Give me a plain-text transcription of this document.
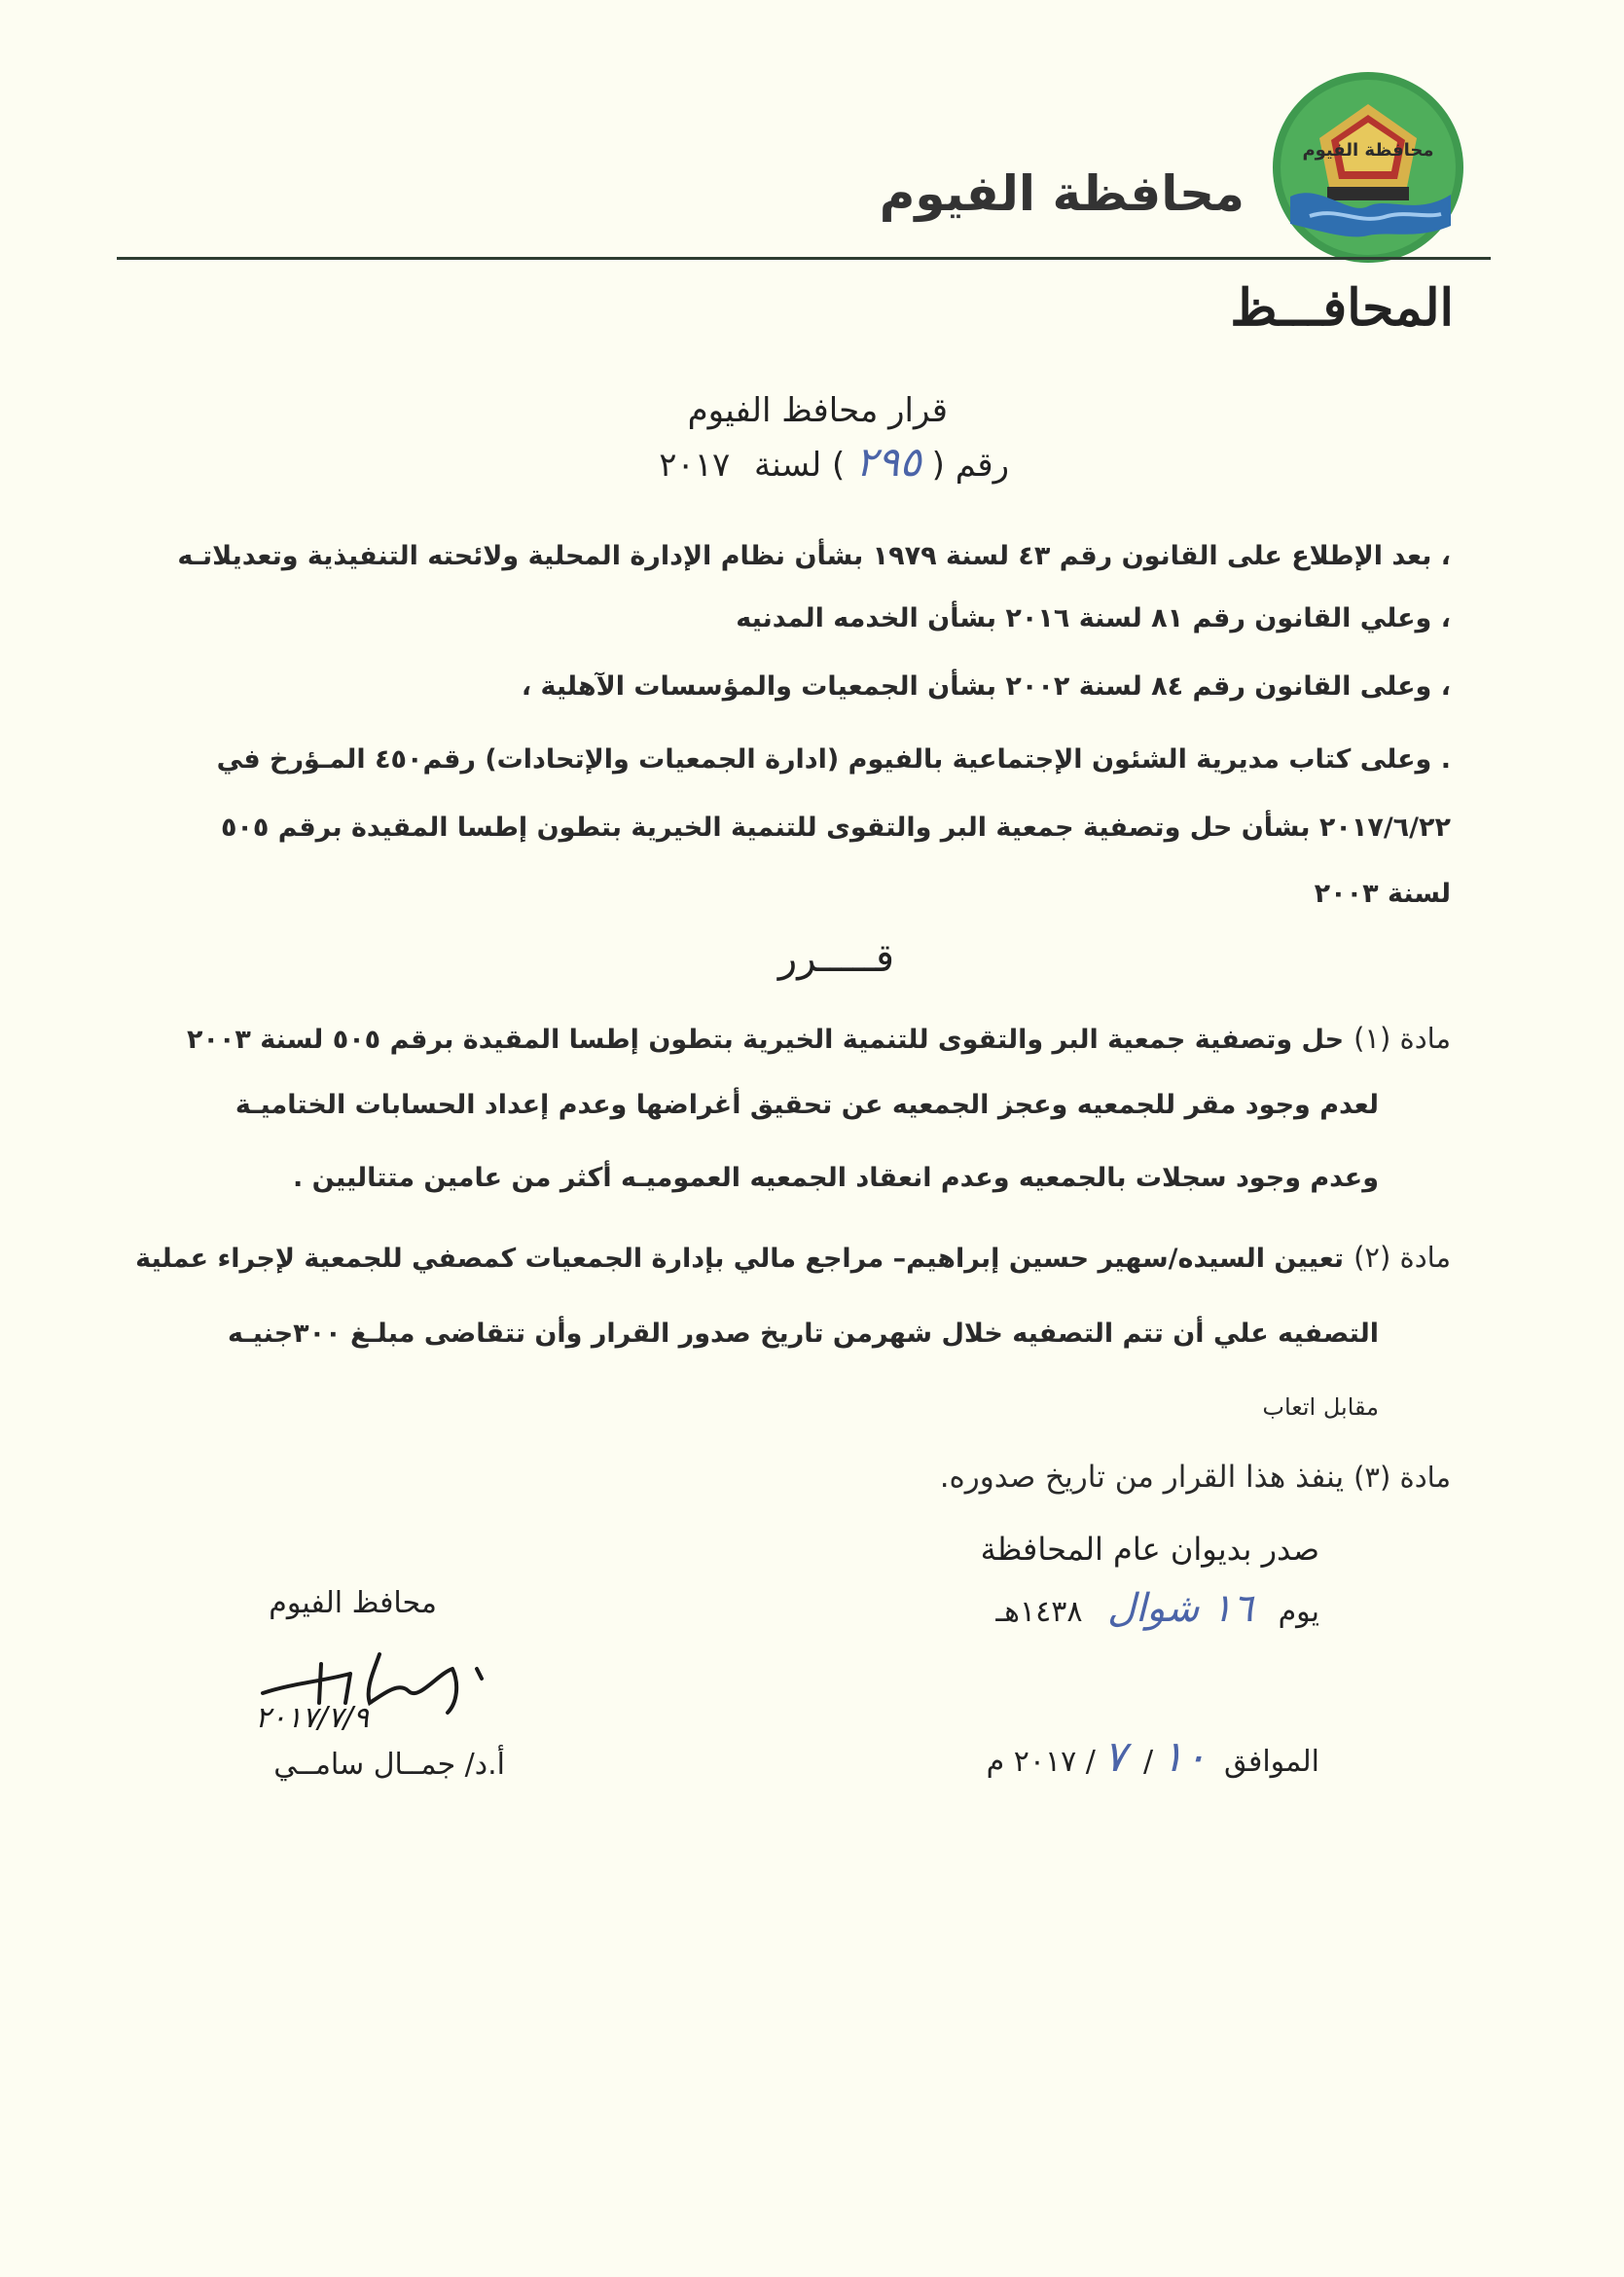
محافظة الفيوم
محافظة الفيوم
المحافـــظ
قرار محافظ الفيوم
رقم ( ٢٩٥ ) لسنة ٢٠١٧
، بعد الإطلاع على القانون رقم ٤٣ لسنة ١٩٧٩ بشأن نظام الإدارة المحلية ولائحته التنفيذية وتعديلاتـه
، وعلي القانون رقم ٨١ لسنة ٢٠١٦ بشأن الخدمه المدنيه
، وعلى القانون رقم ٨٤ لسنة ٢٠٠٢ بشأن الجمعيات والمؤسسات الآهلية ،
. وعلى كتاب مديرية الشئون الإجتماعية بالفيوم (ادارة الجمعيات والإتحادات) رقم٤٥٠ المـؤرخ في
٢٠١٧/٦/٢٢ بشأن حل وتصفية جمعية البر والتقوى للتنمية الخيرية بتطون إطسا المقيدة برقم ٥٠٥
لسنة ٢٠٠٣
قـــــرر
مادة (١)حل وتصفية جمعية البر والتقوى للتنمية الخيرية بتطون إطسا المقيدة برقم ٥٠٥ لسنة ٢٠٠٣
لعدم وجود مقر للجمعيه وعجز الجمعيه عن تحقيق أغراضها وعدم إعداد الحسابات الختاميـة
وعدم وجود سجلات بالجمعيه وعدم انعقاد الجمعيه العموميـه أكثر من عامين متتاليين .
مادة (٢)تعيين السيده/سهير حسين إبراهيم– مراجع مالي بإدارة الجمعيات كمصفي للجمعية لإجراء عملية
التصفيه علي أن تتم التصفيه خلال شهرمن تاريخ صدور القرار وأن تتقاضى مبلـغ ٣٠٠جنيـه
مقابل اتعاب
مادة (٣)ينفذ هذا القرار من تاريخ صدوره.
صدر بديوان عام المحافظة
يوم ١٦ شوال ١٤٣٨هـ
الموافق ١٠/ ٧/ ٢٠١٧ م
محافظ الفيوم
٢٠١٧/٧/٩
أ.د/ جمــال سامــي
